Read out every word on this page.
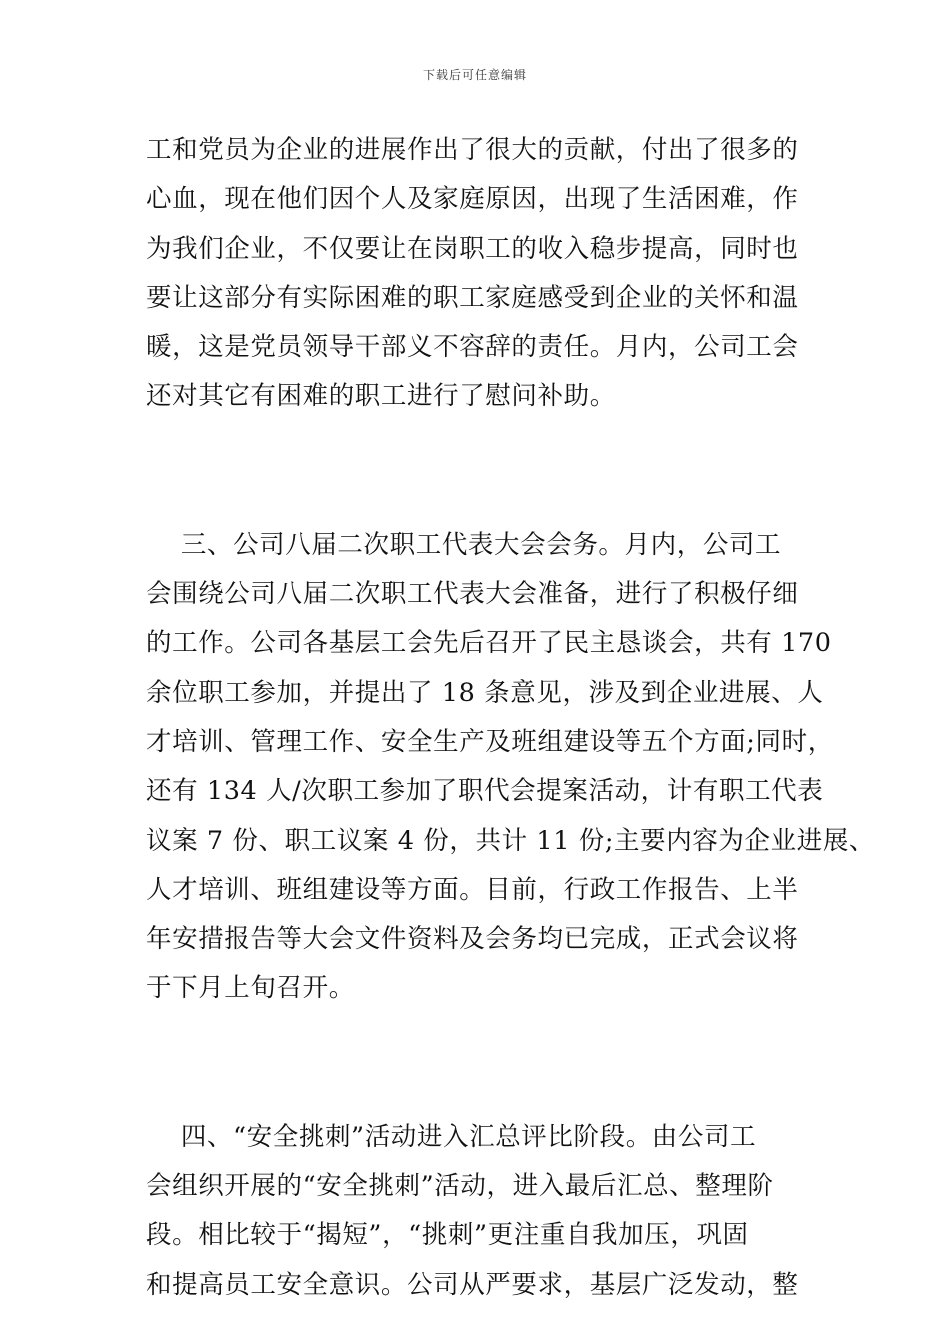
下载后可任意编辑
工和党员为企业的进展作出了很大的贡献，付出了很多的
心血，现在他们因个人及家庭原因，出现了生活困难，作
为我们企业，不仅要让在岗职工的收入稳步提高，同时也
要让这部分有实际困难的职工家庭感受到企业的关怀和温
暖，这是党员领导干部义不容辞的责任。月内，公司工会
还对其它有困难的职工进行了慰问补助。
三、公司八届二次职工代表大会会务。月内，公司工
会围绕公司八届二次职工代表大会准备，进行了积极仔细
的工作。公司各基层工会先后召开了民主恳谈会，共有 170
余位职工参加，并提出了 18 条意见，涉及到企业进展、人
才培训、管理工作、安全生产及班组建设等五个方面;同时，
还有 134 人/次职工参加了职代会提案活动，计有职工代表
议案 7 份、职工议案 4 份，共计 11 份;主要内容为企业进展、
人才培训、班组建设等方面。目前，行政工作报告、上半
年安措报告等大会文件资料及会务均已完成，正式会议将
于下月上旬召开。
四、“安全挑刺”活动进入汇总评比阶段。由公司工
会组织开展的“安全挑刺”活动，进入最后汇总、整理阶
段。相比较于“揭短”，“挑刺”更注重自我加压，巩固
和提高员工安全意识。公司从严要求，基层广泛发动，整
